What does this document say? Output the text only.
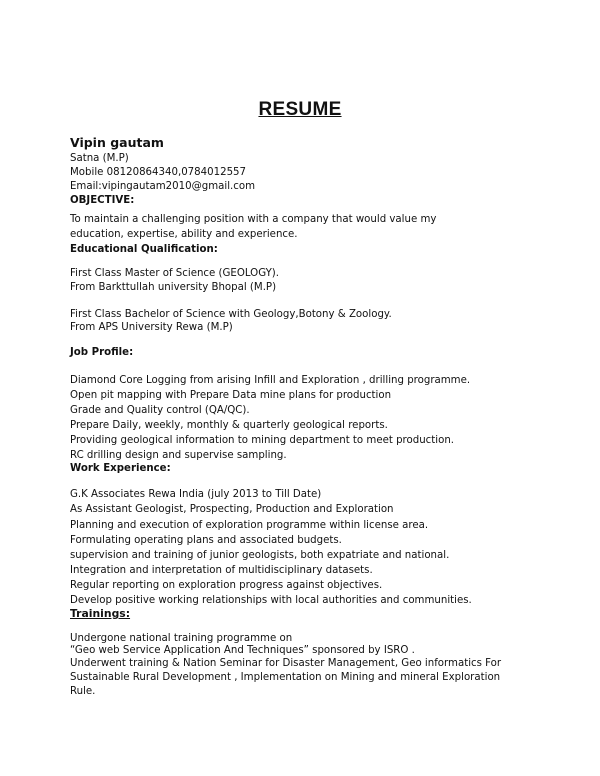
RESUME
Vipin gautam
Satna (M.P)
Mobile 08120864340,0784012557
Email:vipingautam2010@gmail.com
OBJECTIVE:
To maintain a challenging position with a company that would value my
education, expertise, ability and experience.
Educational Qualification:
First Class Master of Science (GEOLOGY).
From Barkttullah university Bhopal (M.P)
First Class Bachelor of Science with Geology,Botony & Zoology.
From APS University Rewa (M.P)
Job Profile:
Diamond Core Logging from arising Infill and Exploration , drilling programme.
Open pit mapping with Prepare Data mine plans for production
Grade and Quality control (QA/QC).
Prepare Daily, weekly, monthly & quarterly geological reports.
Providing geological information to mining department to meet production.
RC drilling design and supervise sampling.
Work Experience:
G.K Associates Rewa India (july 2013 to Till Date)
As Assistant Geologist, Prospecting, Production and Exploration
Planning and execution of exploration programme within license area.
Formulating operating plans and associated budgets.
supervision and training of junior geologists, both expatriate and national.
Integration and interpretation of multidisciplinary datasets.
Regular reporting on exploration progress against objectives.
Develop positive working relationships with local authorities and communities.
Trainings:
Undergone national training programme on
“Geo web Service Application And Techniques” sponsored by ISRO .
Underwent training & Nation Seminar for Disaster Management, Geo informatics For
Sustainable Rural Development , Implementation on Mining and mineral Exploration
Rule.
